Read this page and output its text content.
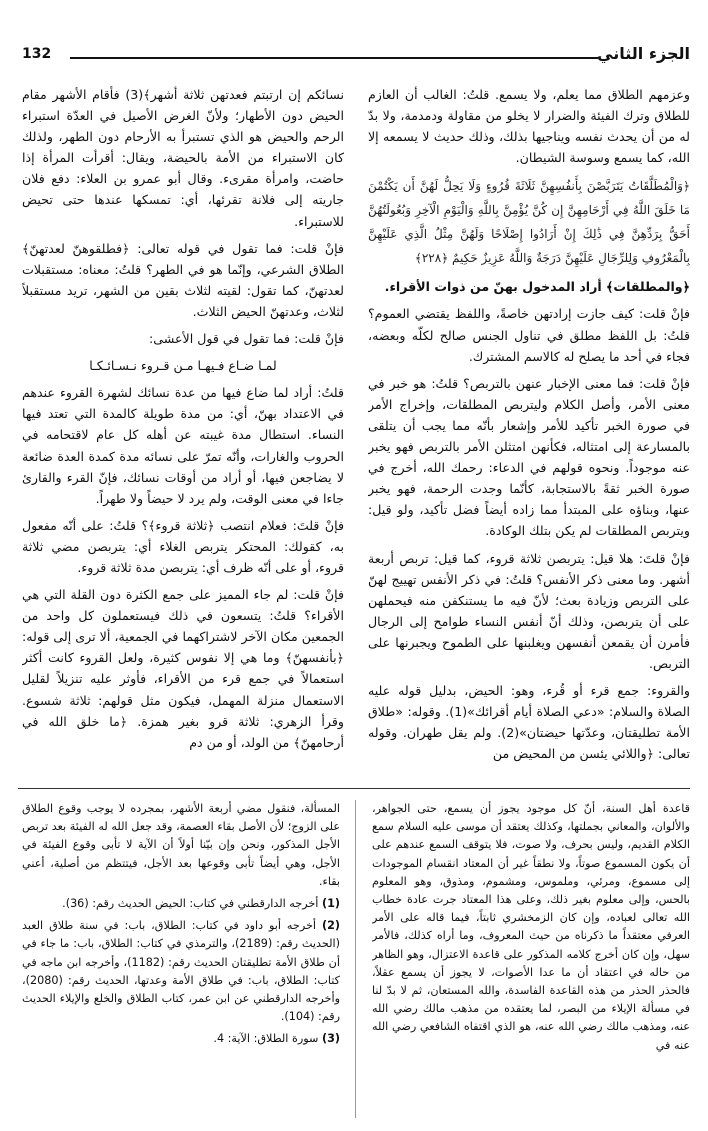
الجزء الثاني
132

وعزمهم الطلاق مما يعلم، ولا يسمع. قلتُ: الغالب أن العازم للطلاق وترك الفيئة والضرار لا يخلو من مقاولة ودمدمة، ولا بدّ له من أن يحدث نفسه ويناجيها بذلك، وذلك حديث لا يسمعه إلا الله، كما يسمع وسوسة الشيطان.

﴿وَالْمُطَلَّقَاتُ يَتَرَبَّصْنَ بِأَنفُسِهِنَّ ثَلَاثَةَ قُرُوءٍ وَلَا يَحِلُّ لَهُنَّ أَن يَكْتُمْنَ مَا خَلَقَ اللَّهُ فِي أَرْحَامِهِنَّ إِن كُنَّ يُؤْمِنَّ بِاللَّهِ وَالْيَوْمِ الْآخِرِ وَبُعُولَتُهُنَّ أَحَقُّ بِرَدِّهِنَّ فِي ذَٰلِكَ إِنْ أَرَادُوا إِصْلَاحًا وَلَهُنَّ مِثْلُ الَّذِي عَلَيْهِنَّ بِالْمَعْرُوفِ وَلِلرِّجَالِ عَلَيْهِنَّ دَرَجَةٌ وَاللَّهُ عَزِيزٌ حَكِيمٌ ﴿٢٢٨﴾

﴿والمطلقات﴾ أراد المدخول بهنّ من ذوات الأقراء.

فإنْ قلت: كيف جازت إرادتهن خاصةً، واللفظ يقتضي العموم؟ قلتُ: بل اللفظ مطلق في تناول الجنس صالح لكلّه وبعضه، فجاء في أحد ما يصلح له كالاسم المشترك.

فإنْ قلت: فما معنى الإخبار عنهن بالتربص؟ قلتُ: هو خبر في معنى الأمر، وأصل الكلام وليتربص المطلقات، وإخراج الأمر في صورة الخبر تأكيد للأمر وإشعار بأنّه مما يجب أن يتلقى بالمسارعة إلى امتثاله، فكأنهن امتثلن الأمر بالتربص فهو يخبر عنه موجوداً. ونحوه قولهم في الدعاء: رحمك الله، أخرج في صورة الخبر ثقةً بالاستجابة، كأنّما وجدت الرحمة، فهو يخبر عنها، وبناؤه على المبتدأ مما زاده أيضاً فضل تأكيد، ولو قيل: ويتربص المطلقات لم يكن بتلك الوكادة.

فإنْ قلتَ: هلا قيل: يتربصن ثلاثة قروء، كما قيل: تربص أربعة أشهر. وما معنى ذكر الأنفس؟ قلتُ: في ذكر الأنفس تهييج لهنّ على التربص وزيادة بعث؛ لأنّ فيه ما يستنكفن منه فيحملهن على أن يتربصن، وذلك أنّ أنفس النساء طوامح إلى الرجال فأمرن أن يقمعن أنفسهن ويغلبنها على الطموح ويجبرنها على التربص.

والقروء: جمع قرء أو قُرء، وهو: الحيض، بدليل قوله عليه الصلاة والسلام: «دعي الصلاة أيام أقرائك»(1). وقوله: «طلاق الأمة تطليقتان، وعدّتها حيضتان»(2). ولم يقل طهران. وقوله تعالى: ﴿واللائي يئسن من المحيض من

نسائكم إن ارتبتم فعدتهن ثلاثة أشهر﴾(3) فأقام الأشهر مقام الحيض دون الأطهار؛ ولأنّ الغرض الأصيل في العدّة استبراء الرحم والحيض هو الذي تستبرأ به الأرحام دون الطهر، ولذلك كان الاستبراء من الأمة بالحيضة، ويقال: أقرأت المرأة إذا حاضت، وامرأة مقرىء. وقال أبو عمرو بن العلاء: دفع فلان جاريته إلى فلانة تقرئها، أي: تمسكها عندها حتى تحيض للاستبراء.

فإنْ قلت: فما تقول في قوله تعالى: ﴿فطلقوهنّ لعدتهنّ﴾ الطلاق الشرعي، وإنّما هو في الطهر؟ قلتُ: معناه: مستقبلات لعدتهنّ، كما تقول: لقيته لثلاث بقين من الشهر، تريد مستقبلاً لثلاث، وعدتهنّ الحيض الثلاث.

فإنْ قلت: فما تقول في قول الأعشى:

لمـا ضـاع فـيهـا مـن قـروء نـسـائـكـا

قلتُ: أراد لما ضاع فيها من عدة نسائك لشهرة القروء عندهم في الاعتداد بهنّ، أي: من مدة طويلة كالمدة التي تعتد فيها النساء. استطال مدة غيبته عن أهله كل عام لاقتحامه في الحروب والغارات، وأنّه تمرّ على نسائه مدة كمدة العدة ضائعة لا يضاجعن فيها، أو أراد من أوقات نسائك، فإنّ القرء والقارئ جاءا في معنى الوقت، ولم يرد لا حيضاً ولا طهراً.

فإنْ قلتَ: فعلام انتصب ﴿ثلاثة قروء﴾؟ قلتُ: على أنّه مفعول به، كقولك: المحتكر يتربص الغلاء أي: يتربصن مضي ثلاثة قروء، أو على أنّه ظرف أي: يتربصن مدة ثلاثة قروء.

فإنْ قلت: لم جاء المميز على جمع الكثرة دون القلة التي هي الأقراء؟ قلتُ: يتسعون في ذلك فيستعملون كل واحد من الجمعين مكان الآخر لاشتراكهما في الجمعية، ألا ترى إلى قوله: ﴿بأنفسهنّ﴾ وما هي إلا نفوس كثيرة، ولعل القروء كانت أكثر استعمالاً في جمع قرء من الأقراء، فأوثر عليه تنزيلاً لقليل الاستعمال منزلة المهمل، فيكون مثل قولهم: ثلاثة شسوع. وقرأ الزهري: ثلاثة قرو بغير همزة. ﴿ما خلق الله في أرحامهنّ﴾ من الولد، أو من دم

قاعدة أهل السنة، أنّ كل موجود يجوز أن يسمع، حتى الجواهر، والألوان، والمعاني بجملتها، وكذلك يعتقد أن موسى عليه السلام سمع الكلام القديم، وليس بحرف، ولا صوت، فلا يتوقف السمع عندهم على أن يكون المسموع صوتاً، ولا نطقاً غير أن المعتاد انقسام الموجودات إلى مسموع، ومرئي، وملموس، ومشموم، ومذوق، وهو المعلوم بالحس، وإلى معلوم بغير ذلك، وعلى هذا المعتاد جرت عادة خطاب الله تعالى لعباده، وإن كان الزمخشري ثابتاً، فيما قاله على الأمر العرفي معتقداً ما ذكرناه من حيث المعروف، وما أراه كذلك، فالأمر سهل، وإن كان أخرج كلامه المذكور على قاعدة الاعتزال، وهو الظاهر من حاله في اعتقاد أن ما عدا الأصوات، لا يجوز أن يسمع عقلاً، فالحذر الحذر من هذه القاعدة الفاسدة، والله المستعان، ثم لا بدّ لنا في مسألة الإيلاء من البصر، لما يعتقده من مذهب مالك رضي الله عنه، ومذهب مالك رضي الله عنه، هو الذي اقتفاه الشافعي رضي الله عنه في

المسألة، فنقول مضي أربعة الأشهر، بمجرده لا يوجب وقوع الطلاق على الزوج؛ لأن الأصل بقاء العصمة، وقد جعل الله له الفيئة بعد تربص الأجل المذكور، ونحن وإن بيّنا أولاً أن الآية لا تأبى وقوع الفيئة في الأجل، وهي أيضاً تأبى وقوعها بعد الأجل، فيتتظم من أصلية، أعني بقاء.

(1) أخرجه الدارقطني في كتاب: الحيض الحديث رقم: (36).

(2) أخرجه أبو داود في كتاب: الطلاق، باب: في سنة طلاق العبد (الحديث رقم: (2189)، والترمذي في كتاب: الطلاق، باب: ما جاء في أن طلاق الأمة تطليقتان الحديث رقم: (1182)، وأخرجه ابن ماجه في كتاب: الطلاق، باب: في طلاق الأمة وعدتها، الحديث رقم: (2080)، وأخرجه الدارقطني عن ابن عمر، كتاب الطلاق والخلع والإيلاء الحديث رقم: (104).

(3) سورة الطلاق: الآية: 4.
